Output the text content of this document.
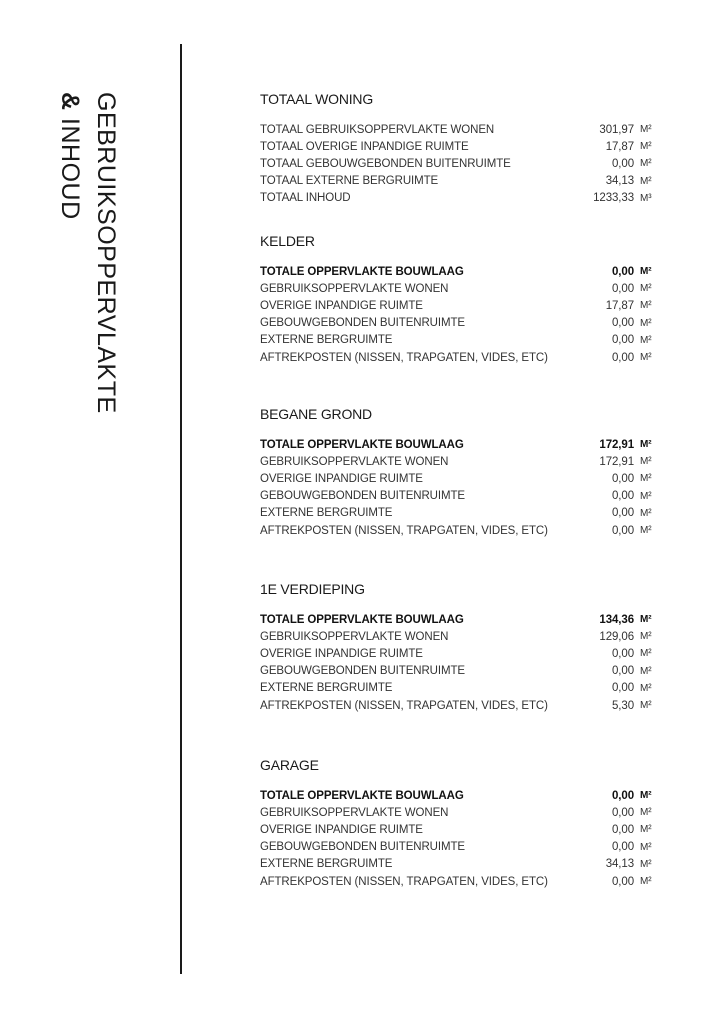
GEBRUIKSOPPERVLAKTE
& INHOUD
TOTAAL WONING
TOTAAL GEBRUIKSOPPERVLAKTE WONEN	301,97 M²
TOTAAL OVERIGE INPANDIGE RUIMTE	17,87 M²
TOTAAL GEBOUWGEBONDEN BUITENRUIMTE	0,00 M²
TOTAAL EXTERNE BERGRUIMTE	34,13 M²
TOTAAL INHOUD	1233,33 M³
KELDER
TOTALE OPPERVLAKTE BOUWLAAG	0,00 M²
GEBRUIKSOPPERVLAKTE WONEN	0,00 M²
OVERIGE INPANDIGE RUIMTE	17,87 M²
GEBOUWGEBONDEN BUITENRUIMTE	0,00 M²
EXTERNE BERGRUIMTE	0,00 M²
AFTREKPOSTEN (NISSEN, TRAPGATEN, VIDES, ETC)	0,00 M²
BEGANE GROND
TOTALE OPPERVLAKTE BOUWLAAG	172,91 M²
GEBRUIKSOPPERVLAKTE WONEN	172,91 M²
OVERIGE INPANDIGE RUIMTE	0,00 M²
GEBOUWGEBONDEN BUITENRUIMTE	0,00 M²
EXTERNE BERGRUIMTE	0,00 M²
AFTREKPOSTEN (NISSEN, TRAPGATEN, VIDES, ETC)	0,00 M²
1E VERDIEPING
TOTALE OPPERVLAKTE BOUWLAAG	134,36 M²
GEBRUIKSOPPERVLAKTE WONEN	129,06 M²
OVERIGE INPANDIGE RUIMTE	0,00 M²
GEBOUWGEBONDEN BUITENRUIMTE	0,00 M²
EXTERNE BERGRUIMTE	0,00 M²
AFTREKPOSTEN (NISSEN, TRAPGATEN, VIDES, ETC)	5,30 M²
GARAGE
TOTALE OPPERVLAKTE BOUWLAAG	0,00 M²
GEBRUIKSOPPERVLAKTE WONEN	0,00 M²
OVERIGE INPANDIGE RUIMTE	0,00 M²
GEBOUWGEBONDEN BUITENRUIMTE	0,00 M²
EXTERNE BERGRUIMTE	34,13 M²
AFTREKPOSTEN (NISSEN, TRAPGATEN, VIDES, ETC)	0,00 M²
